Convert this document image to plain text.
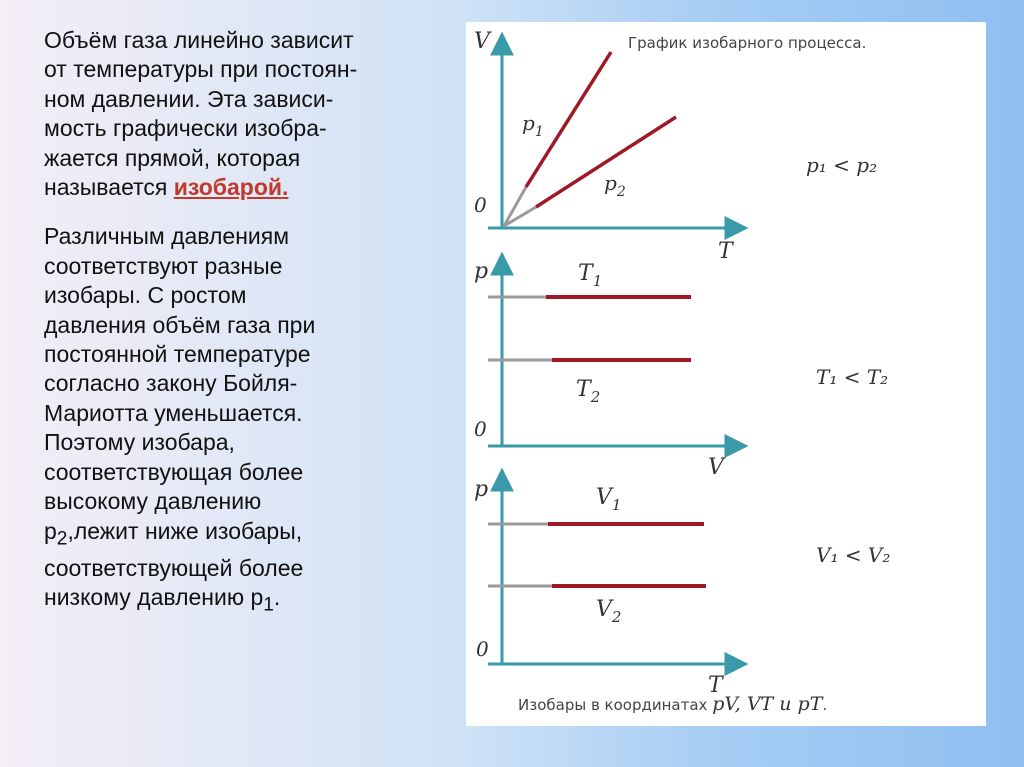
Объём газа линейно зависит
от температуры при постоян-
ном давлении. Эта зависи-
мость графически изобра-
жается прямой, которая
называется изобарой.
Различным давлениям
соответствуют разные
изобары. С ростом
давления объём газа при
постоянной температуре
согласно закону Бойля-
Мариотта уменьшается.
Поэтому изобара,
соответствующая более
высокому давлению
$p_2,лежит$ ниже изобары,
соответствующей более
низкому давлению $p_1$.
График изобарного процесса.
V
T
0
$p_1$
$p_2$
p₁ < p₂
p
V
0
$T_1$
$T_2$
T₁ < T₂
p
T
0
$V_1$
$V_2$
V₁ < V₂
Изобары в координатах pV, VT и pT.
